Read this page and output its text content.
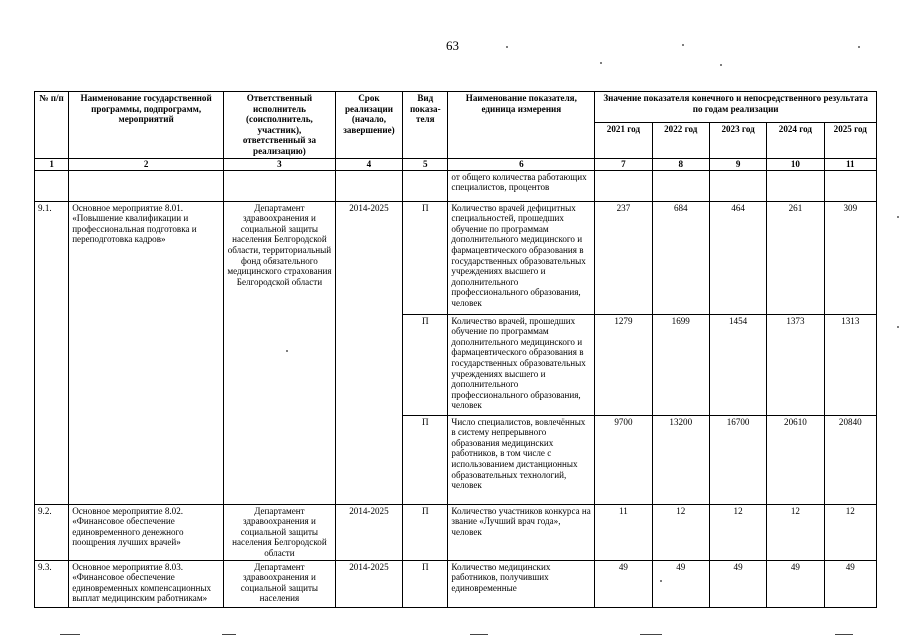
63
№ п/п	Наименование государственной программы, подпрограмм, мероприятий	Ответственный исполнитель (соисполнитель, участник), ответственный за реализацию)	Срок реализации (начало, завершение)	Вид показа-теля	Наименование показателя, единица измерения	Значение показателя конечного и непосредственного результата по годам реализации				
						2021 год	2022 год	2023 год	2024 год	2025 год
1	2	3	4	5	6	7	8	9	10	11
					от общего количества работающих специалистов, процентов					
9.1.	Основное мероприятие 8.01. «Повышение квалификации и профессиональная подготовка и переподготовка кадров»	Департамент здравоохранения и социальной защиты населения Белгородской области, территориальный фонд обязательного медицинского страхования Белгородской области	2014-2025	П	Количество врачей дефицитных специальностей, прошедших обучение по программам дополнительного медицинского и фармацевтического образования в государственных образовательных учреждениях высшего и дополнительного профессионального образования, человек	237	684	464	261	309
				П	Количество врачей, прошедших обучение по программам дополнительного медицинского и фармацевтического образования в государственных образовательных учреждениях высшего и дополнительного профессионального образования, человек	1279	1699	1454	1373	1313
				П	Число специалистов, вовлечённых в систему непрерывного образования медицинских работников, в том числе с использованием дистанционных образовательных технологий, человек	9700	13200	16700	20610	20840
9.2.	Основное мероприятие 8.02. «Финансовое обеспечение единовременного денежного поощрения лучших врачей»	Департамент здравоохранения и социальной защиты населения Белгородской области	2014-2025	П	Количество участников конкурса на звание «Лучший врач года», человек	11	12	12	12	12
9.3.	Основное мероприятие 8.03. «Финансовое обеспечение единовременных компенсационных выплат медицинским работникам»	Департамент здравоохранения и социальной защиты населения	2014-2025	П	Количество медицинских работников, получивших единовременные	49	49	49	49	49
